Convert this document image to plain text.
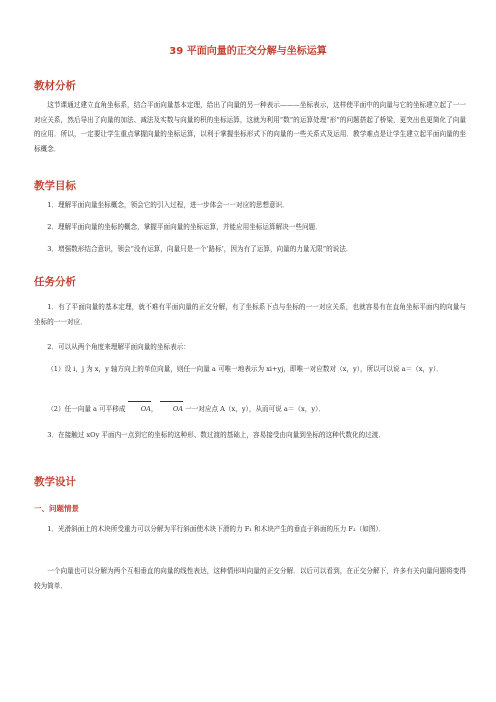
39 平面向量的正交分解与坐标运算
教材分析
这节课通过建立直角坐标系，结合平面向量基本定理，给出了向量的另一种表示———坐标表示，这样使平面中的向量与它的坐标建立起了一一对应关系，然后导出了向量的加法、减法及实数与向量的积的坐标运算，这就为利用“数”的运算处理“形”的问题搭起了桥梁，更突出也更简化了向量的应用．所以，一定要让学生重点掌握向量的坐标运算，以利于掌握坐标形式下的向量的一些关系式及运用．教学难点是让学生建立起平面向量的坐标概念．
教学目标
1．理解平面向量坐标概念，领会它的引入过程，进一步体会一一对应的思想意识．
2．理解平面向量的坐标的概念，掌握平面向量的坐标运算，并能应用坐标运算解决一些问题．
3．增强数形结合意识，领会“没有运算，向量只是一个‘路标’，因为有了运算，向量的力量无限”的说法．
任务分析
1．有了平面向量的基本定理，就不难有平面向量的正交分解，有了坐标系下点与坐标的一一对应关系，也就容易有在直角坐标平面内的向量与坐标的一一对应．
2．可以从两个角度来理解平面向量的坐标表示：
（1）设 i，j 为 x，y 轴方向上的单位向量，则任一向量 a 可唯一地表示为 xi+yj，即唯一对应数对（x，y），所以可以说 a＝（x，y）．
（2）任一向量 a 可平移成 OA， OA 一一对应点 A（x，y），从而可说 a＝（x，y）．
3．在接触过 xOy 平面内一点到它的坐标的这种形、数过渡的基础上，容易接受由向量到坐标的这种代数化的过渡．
教学设计
一、问题情景
1．光滑斜面上的木块所受重力可以分解为平行斜面使木块下滑的力 F₁ 和木块产生的垂直于斜面的压力 F₂（如图）．
一个向量也可以分解为两个互相垂直的向量的线性表达，这种情形叫向量的正交分解．以后可以看到，在正交分解下，许多有关向量问题将变得较为简单．
